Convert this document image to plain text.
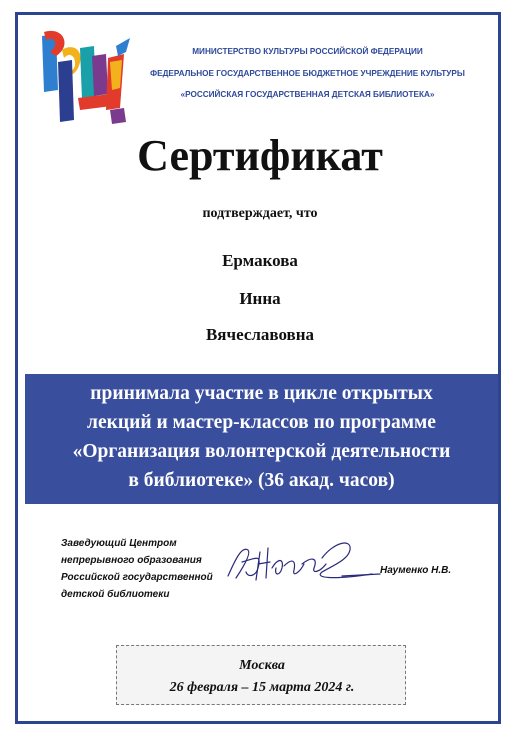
МИНИСТЕРСТВО КУЛЬТУРЫ РОССИЙСКОЙ ФЕДЕРАЦИИ
ФЕДЕРАЛЬНОЕ ГОСУДАРСТВЕННОЕ БЮДЖЕТНОЕ УЧРЕЖДЕНИЕ КУЛЬТУРЫ
«РОССИЙСКАЯ ГОСУДАРСТВЕННАЯ ДЕТСКАЯ БИБЛИОТЕКА»
Сертификат
подтверждает, что
Ермакова
Инна
Вячеславовна
принимала участие в цикле открытых
лекций и мастер-классов по программе
«Организация волонтерской деятельности
в библиотеке» (36 акад. часов)
Заведующий Центром
непрерывного образования
Российской государственной
детской библиотеки
Науменко Н.В.
Москва
26 февраля – 15 марта 2024 г.
